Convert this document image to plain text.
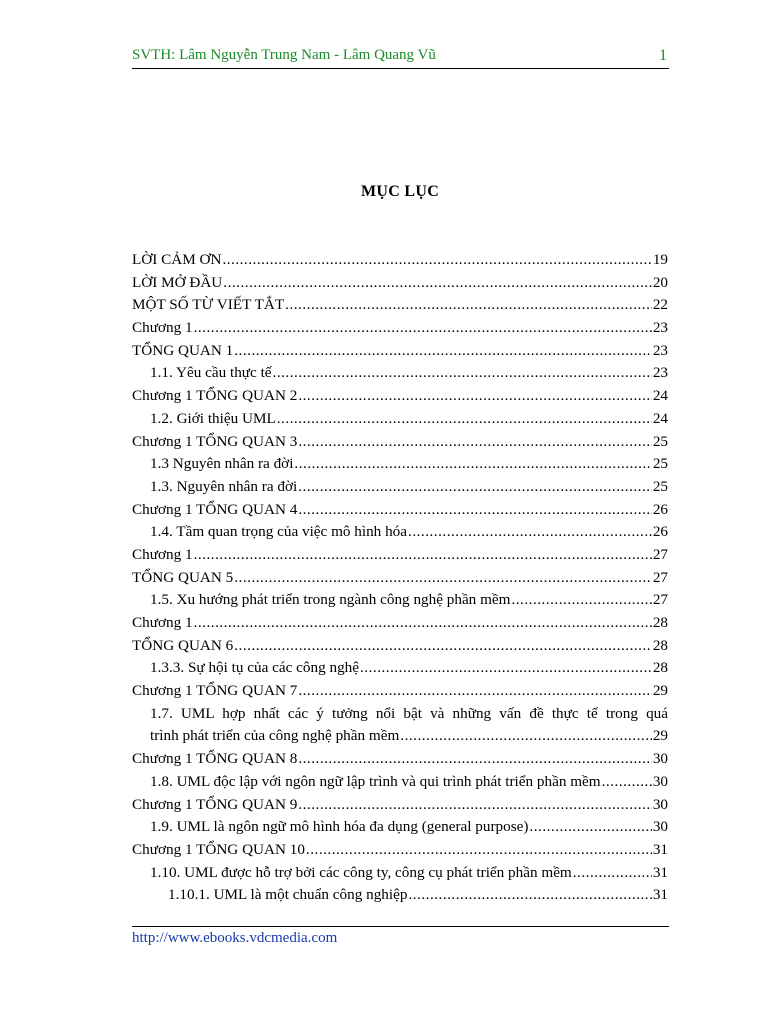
SVTH: Lâm Nguyễn Trung Nam - Lâm Quang Vũ	1
MỤC LỤC
LỜI CẢM ƠN .....	19
LỜI MỞ ĐẦU .....	20
MỘT SỐ TỪ VIẾT TẮT .....	22
Chương 1 .....	23
TỔNG QUAN 1 .....	23
1.1. Yêu cầu thực tế .....	23
Chương 1 TỔNG QUAN 2 .....	24
1.2. Giới thiệu UML .....	24
Chương 1 TỔNG QUAN 3 .....	25
1.3 Nguyên nhân ra đời .....	25
1.3. Nguyên nhân ra đời .....	25
Chương 1 TỔNG QUAN 4 .....	26
1.4. Tầm quan trọng của việc mô hình hóa .....	26
Chương 1 .....	27
TỔNG QUAN 5 .....	27
1.5. Xu hướng phát triển trong ngành công nghệ phần mềm .....	27
Chương 1 .....	28
TỔNG QUAN 6 .....	28
1.3.3. Sự hội tụ của các công nghệ .....	28
Chương 1 TỔNG QUAN 7 .....	29
1.7. UML hợp nhất các ý tưởng nổi bật và những vấn đề thực tế trong quá
trình phát triển của công nghệ phần mềm .....	29
Chương 1 TỔNG QUAN 8 .....	30
1.8. UML độc lập với ngôn ngữ lập trình và qui trình phát triển phần mềm .....	30
Chương 1 TỔNG QUAN 9 .....	30
1.9. UML là ngôn ngữ mô hình hóa đa dụng (general purpose) .....	30
Chương 1 TỔNG QUAN 10 .....	31
1.10. UML được hỗ trợ bởi các công ty, công cụ phát triển phần mềm .....	31
1.10.1. UML là một chuẩn công nghiệp .....	31
http://www.ebooks.vdcmedia.com
